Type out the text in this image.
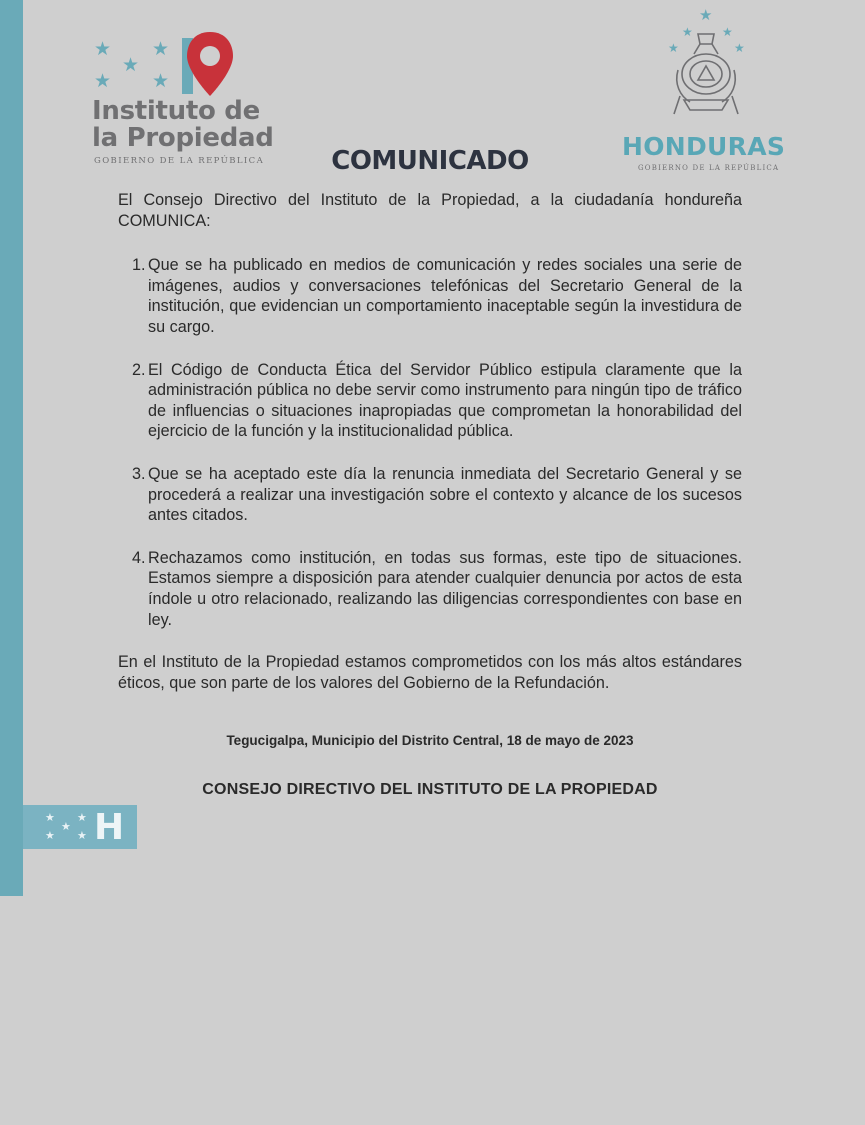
★
★
★
★ ★
Instituto de
la Propiedad
GOBIERNO DE LA REPÚBLICA
★
★ ★
★	★
HONDURAS
GOBIERNO DE LA REPÚBLICA
COMUNICADO

El Consejo Directivo del Instituto de la Propiedad, a la ciudadanía hondureña COMUNICA:

1. Que se ha publicado en medios de comunicación y redes sociales una serie de imágenes, audios y conversaciones telefónicas del Secretario General de la institución, que evidencian un comportamiento inaceptable según la investidura de su cargo.
2. El Código de Conducta Ética del Servidor Público estipula claramente que la administración pública no debe servir como instrumento para ningún tipo de tráfico de influencias o situaciones inapropiadas que comprometan la honorabilidad del ejercicio de la función y la institucionalidad pública.
3. Que se ha aceptado este día la renuncia inmediata del Secretario General y se procederá a realizar una investigación sobre el contexto y alcance de los sucesos antes citados.
4. Rechazamos como institución, en todas sus formas, este tipo de situaciones. Estamos siempre a disposición para atender cualquier denuncia por actos de esta índole u otro relacionado, realizando las diligencias correspondientes con base en ley.

En el Instituto de la Propiedad estamos comprometidos con los más altos estándares éticos, que son parte de los valores del Gobierno de la Refundación.

Tegucigalpa, Municipio del Distrito Central, 18 de mayo de 2023
CONSEJO DIRECTIVO DEL INSTITUTO DE LA PROPIEDAD
★ ★
★
★ ★ H
